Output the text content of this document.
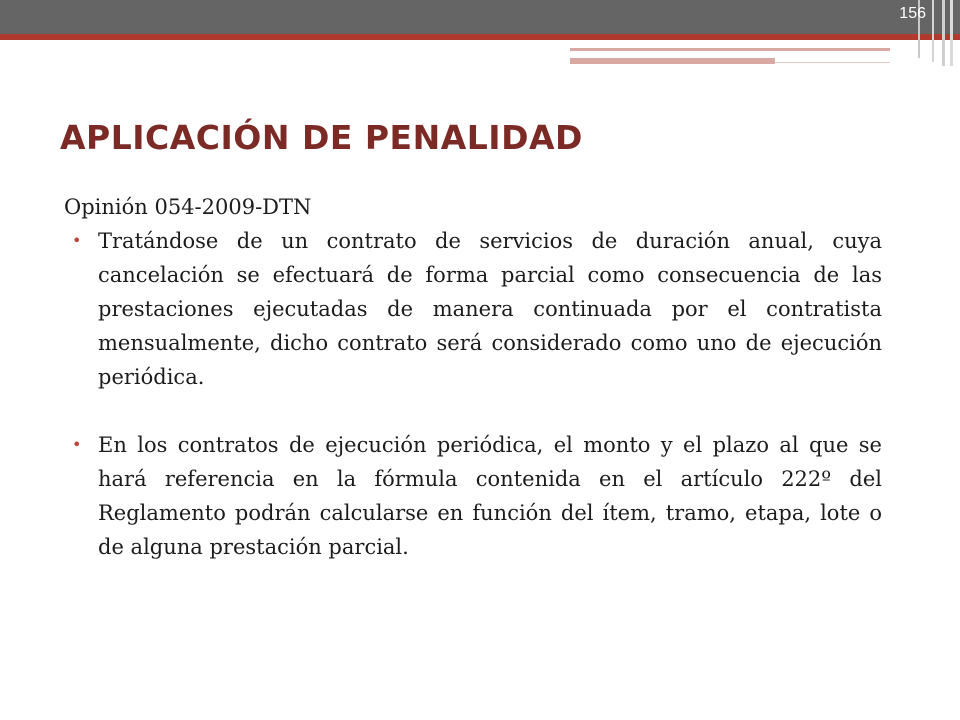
156
APLICACIÓN DE PENALIDAD

Opinión 054-2009-DTN

• Tratándose de un contrato de servicios de duración anual, cuya cancelación se efectuará de forma parcial como consecuencia de las prestaciones ejecutadas de manera continuada por el contratista mensualmente, dicho contrato será considerado como uno de ejecución periódica.
• En los contratos de ejecución periódica, el monto y el plazo al que se hará referencia en la fórmula contenida en el artículo 222º del Reglamento podrán calcularse en función del ítem, tramo, etapa, lote o de alguna prestación parcial.
